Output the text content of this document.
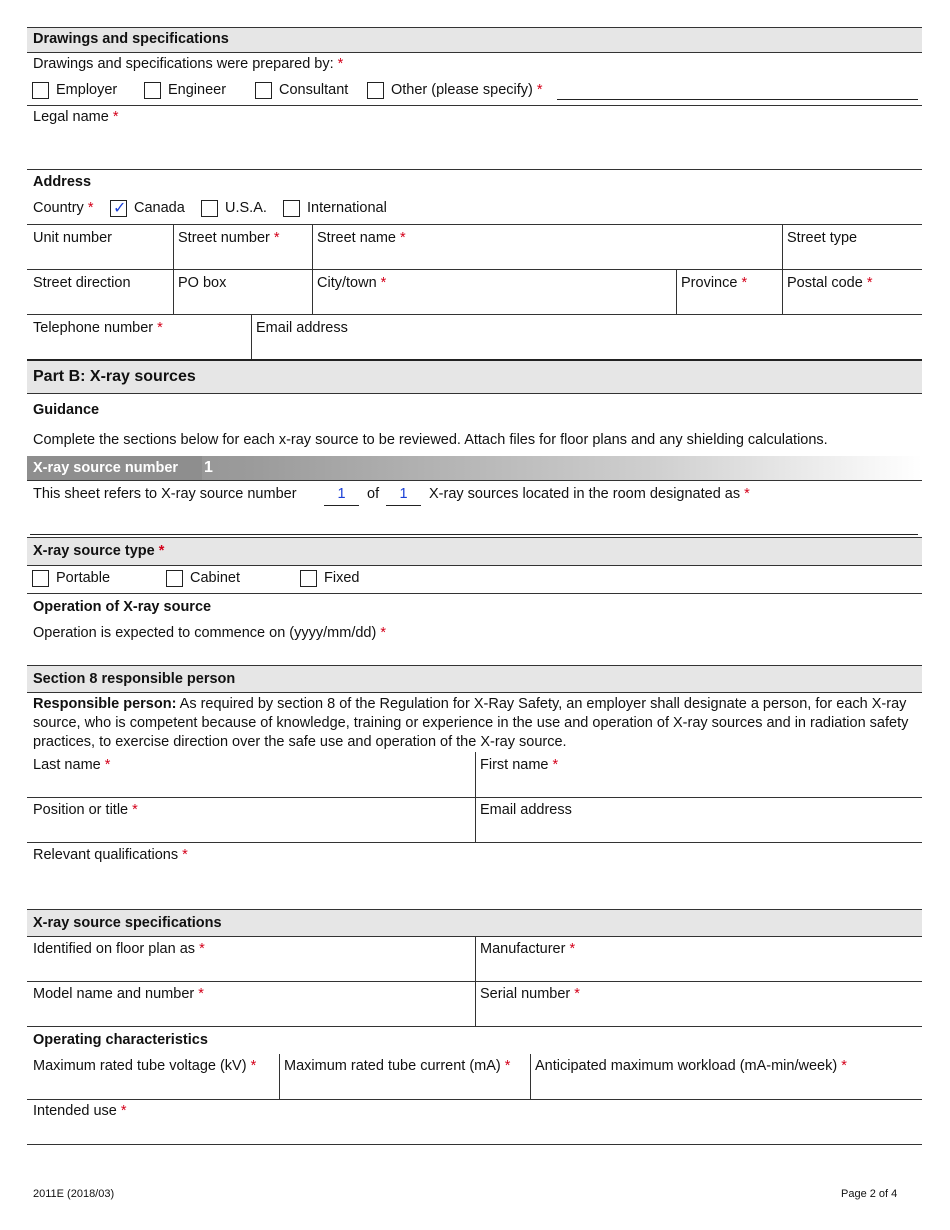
Drawings and specifications
Drawings and specifications were prepared by: *
Employer	Engineer	Consultant	Other (please specify) *
Legal name *
Address
Country *
✓	Canada	U.S.A.	International
Unit number	Street number *	Street name *	Street type
Street direction	PO box	City/town *	Province *	Postal code *
Telephone number *	Email address
Part B: X-ray sources
Guidance
Complete the sections below for each x-ray source to be reviewed. Attach files for floor plans and any shielding calculations.
X-ray source number	1
This sheet refers to X-ray source number	1	of	1	X-ray sources located in the room designated as *
X-ray source type *
Portable	Cabinet	Fixed
Operation of X-ray source
Operation is expected to commence on (yyyy/mm/dd) *
Section 8 responsible person
Responsible person: As required by section 8 of the Regulation for X-Ray Safety, an employer shall designate a person, for each X-ray source, who is competent because of knowledge, training or experience in the use and operation of X-ray sources and in radiation safety practices, to exercise direction over the safe use and operation of the X-ray source.
Last name *	First name *
Position or title *	Email address
Relevant qualifications *
X-ray source specifications
Identified on floor plan as *	Manufacturer *
Model name and number *	Serial number *
Operating characteristics
Maximum rated tube voltage (kV) * Maximum rated tube current (mA) * Anticipated maximum workload (mA-min/week) *
Intended use *
2011E (2018/03)	Page 2 of 4
